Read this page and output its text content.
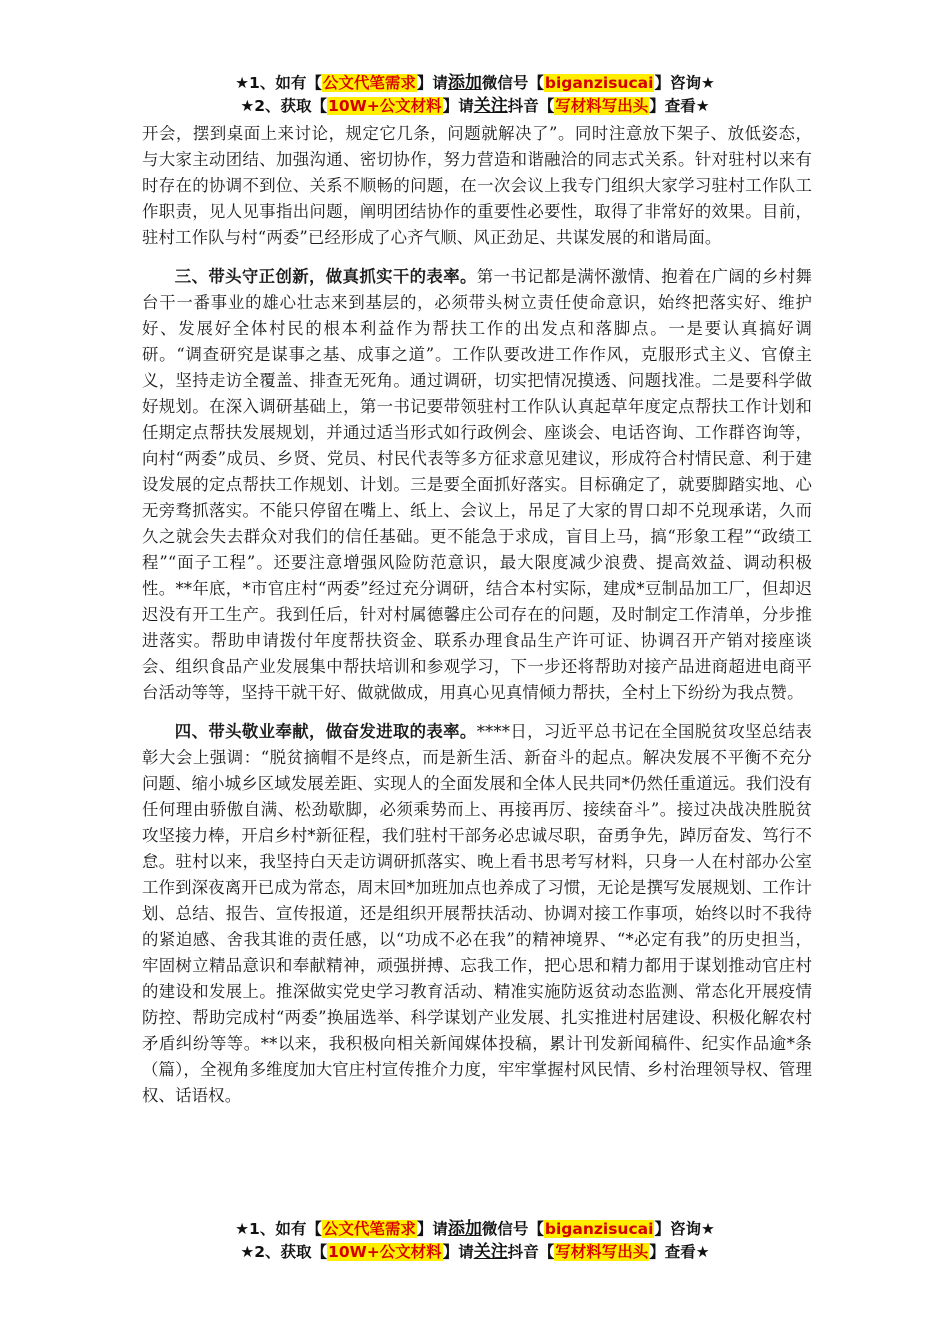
★1、如有【公文代笔需求】请添加微信号【biganzisucai】咨询★
★2、获取【10W+公文材料】请关注抖音【写材料写出头】查看★

开会，摆到桌面上来讨论，规定它几条，问题就解决了”。同时注意放下架子、放低姿态，与大家主动团结、加强沟通、密切协作，努力营造和谐融洽的同志式关系。针对驻村以来有时存在的协调不到位、关系不顺畅的问题，在一次会议上我专门组织大家学习驻村工作队工作职责，见人见事指出问题，阐明团结协作的重要性必要性，取得了非常好的效果。目前，驻村工作队与村“两委”已经形成了心齐气顺、风正劲足、共谋发展的和谐局面。

三、带头守正创新，做真抓实干的表率。第一书记都是满怀激情、抱着在广阔的乡村舞台干一番事业的雄心壮志来到基层的，必须带头树立责任使命意识，始终把落实好、维护好、发展好全体村民的根本利益作为帮扶工作的出发点和落脚点。一是要认真搞好调研。“调查研究是谋事之基、成事之道”。工作队要改进工作作风，克服形式主义、官僚主义，坚持走访全覆盖、排查无死角。通过调研，切实把情况摸透、问题找准。二是要科学做好规划。在深入调研基础上，第一书记要带领驻村工作队认真起草年度定点帮扶工作计划和任期定点帮扶发展规划，并通过适当形式如行政例会、座谈会、电话咨询、工作群咨询等，向村“两委”成员、乡贤、党员、村民代表等多方征求意见建议，形成符合村情民意、利于建设发展的定点帮扶工作规划、计划。三是要全面抓好落实。目标确定了，就要脚踏实地、心无旁骛抓落实。不能只停留在嘴上、纸上、会议上，吊足了大家的胃口却不兑现承诺，久而久之就会失去群众对我们的信任基础。更不能急于求成，盲目上马，搞“形象工程”“政绩工程”“面子工程”。还要注意增强风险防范意识，最大限度减少浪费、提高效益、调动积极性。**年底，*市官庄村“两委”经过充分调研，结合本村实际，建成*豆制品加工厂，但却迟迟没有开工生产。我到任后，针对村属德馨庄公司存在的问题，及时制定工作清单，分步推进落实。帮助申请拨付年度帮扶资金、联系办理食品生产许可证、协调召开产销对接座谈会、组织食品产业发展集中帮扶培训和参观学习，下一步还将帮助对接产品进商超进电商平台活动等等，坚持干就干好、做就做成，用真心见真情倾力帮扶，全村上下纷纷为我点赞。

四、带头敬业奉献，做奋发进取的表率。****日，习近平总书记在全国脱贫攻坚总结表彰大会上强调：“脱贫摘帽不是终点，而是新生活、新奋斗的起点。解决发展不平衡不充分问题、缩小城乡区域发展差距、实现人的全面发展和全体人民共同*仍然任重道远。我们没有任何理由骄傲自满、松劲歇脚，必须乘势而上、再接再厉、接续奋斗”。接过决战决胜脱贫攻坚接力棒，开启乡村*新征程，我们驻村干部务必忠诚尽职，奋勇争先，踔厉奋发、笃行不怠。驻村以来，我坚持白天走访调研抓落实、晚上看书思考写材料，只身一人在村部办公室工作到深夜离开已成为常态，周末回*加班加点也养成了习惯，无论是撰写发展规划、工作计划、总结、报告、宣传报道，还是组织开展帮扶活动、协调对接工作事项，始终以时不我待的紧迫感、舍我其谁的责任感，以“功成不必在我”的精神境界、“*必定有我”的历史担当，牢固树立精品意识和奉献精神，顽强拼搏、忘我工作，把心思和精力都用于谋划推动官庄村的建设和发展上。推深做实党史学习教育活动、精准实施防返贫动态监测、常态化开展疫情防控、帮助完成村“两委”换届选举、科学谋划产业发展、扎实推进村居建设、积极化解农村矛盾纠纷等等。**以来，我积极向相关新闻媒体投稿，累计刊发新闻稿件、纪实作品逾*条（篇），全视角多维度加大官庄村宣传推介力度，牢牢掌握村风民情、乡村治理领导权、管理权、话语权。

★1、如有【公文代笔需求】请添加微信号【biganzisucai】咨询★
★2、获取【10W+公文材料】请关注抖音【写材料写出头】查看★
